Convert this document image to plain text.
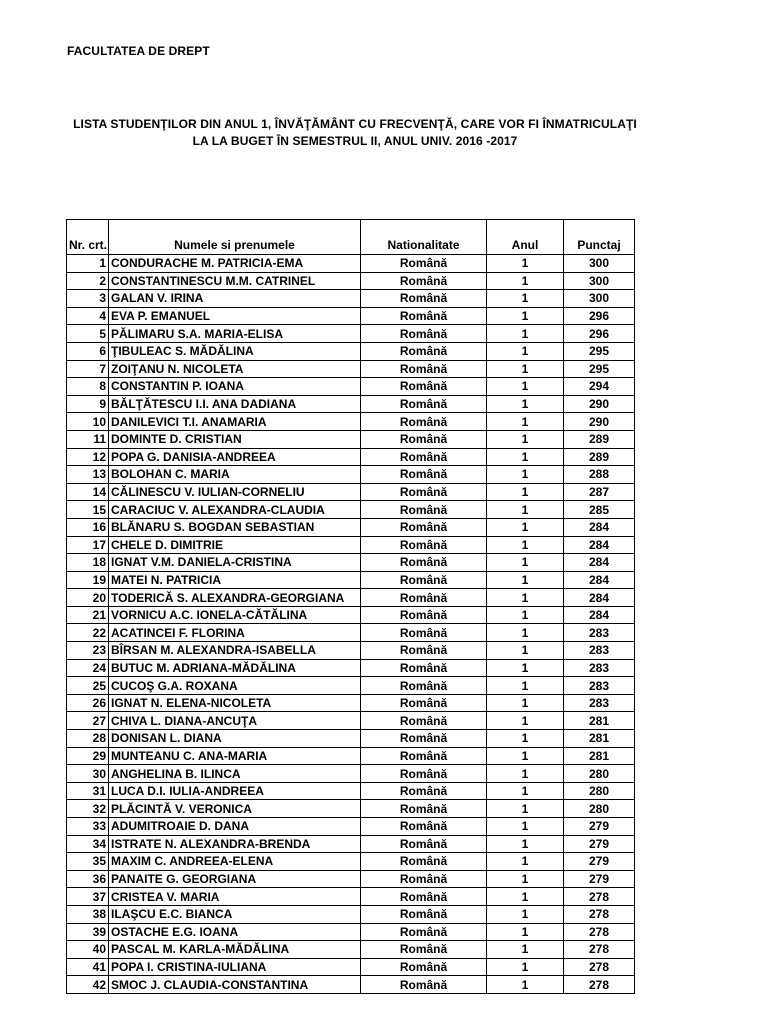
FACULTATEA DE DREPT
LISTA STUDENŢILOR DIN ANUL 1, ÎNVĂŢĂMÂNT CU FRECVENŢĂ, CARE VOR FI ÎNMATRICULAŢI
LA LA BUGET ÎN SEMESTRUL II, ANUL UNIV. 2016 -2017
Nr. crt.	Numele si prenumele	Nationalitate	Anul	Punctaj
1	CONDURACHE M. PATRICIA-EMA	Română	1	300
2	CONSTANTINESCU M.M. CATRINEL	Română	1	300
3	GALAN V. IRINA	Română	1	300
4	EVA P. EMANUEL	Română	1	296
5	PĂLIMARU S.A. MARIA-ELISA	Română	1	296
6	ŢIBULEAC S. MĂDĂLINA	Română	1	295
7	ZOIŢANU N. NICOLETA	Română	1	295
8	CONSTANTIN P. IOANA	Română	1	294
9	BĂLŢĂTESCU I.I. ANA DADIANA	Română	1	290
10	DANILEVICI T.I. ANAMARIA	Română	1	290
11	DOMINTE D. CRISTIAN	Română	1	289
12	POPA G. DANISIA-ANDREEA	Română	1	289
13	BOLOHAN C. MARIA	Română	1	288
14	CĂLINESCU V. IULIAN-CORNELIU	Română	1	287
15	CARACIUC V. ALEXANDRA-CLAUDIA	Română	1	285
16	BLĂNARU S. BOGDAN SEBASTIAN	Română	1	284
17	CHELE D. DIMITRIE	Română	1	284
18	IGNAT V.M. DANIELA-CRISTINA	Română	1	284
19	MATEI N. PATRICIA	Română	1	284
20	TODERICĂ S. ALEXANDRA-GEORGIANA	Română	1	284
21	VORNICU A.C. IONELA-CĂTĂLINA	Română	1	284
22	ACATINCEI F. FLORINA	Română	1	283
23	BÎRSAN M. ALEXANDRA-ISABELLA	Română	1	283
24	BUTUC M. ADRIANA-MĂDĂLINA	Română	1	283
25	CUCOŞ G.A. ROXANA	Română	1	283
26	IGNAT N. ELENA-NICOLETA	Română	1	283
27	CHIVA L. DIANA-ANCUŢA	Română	1	281
28	DONISAN L. DIANA	Română	1	281
29	MUNTEANU C. ANA-MARIA	Română	1	281
30	ANGHELINA B. ILINCA	Română	1	280
31	LUCA D.I. IULIA-ANDREEA	Română	1	280
32	PLĂCINTĂ V. VERONICA	Română	1	280
33	ADUMITROAIE D. DANA	Română	1	279
34	ISTRATE N. ALEXANDRA-BRENDA	Română	1	279
35	MAXIM C. ANDREEA-ELENA	Română	1	279
36	PANAITE G. GEORGIANA	Română	1	279
37	CRISTEA V. MARIA	Română	1	278
38	ILAŞCU E.C. BIANCA	Română	1	278
39	OSTACHE E.G. IOANA	Română	1	278
40	PASCAL M. KARLA-MĂDĂLINA	Română	1	278
41	POPA I. CRISTINA-IULIANA	Română	1	278
42	SMOC J. CLAUDIA-CONSTANTINA	Română	1	278
